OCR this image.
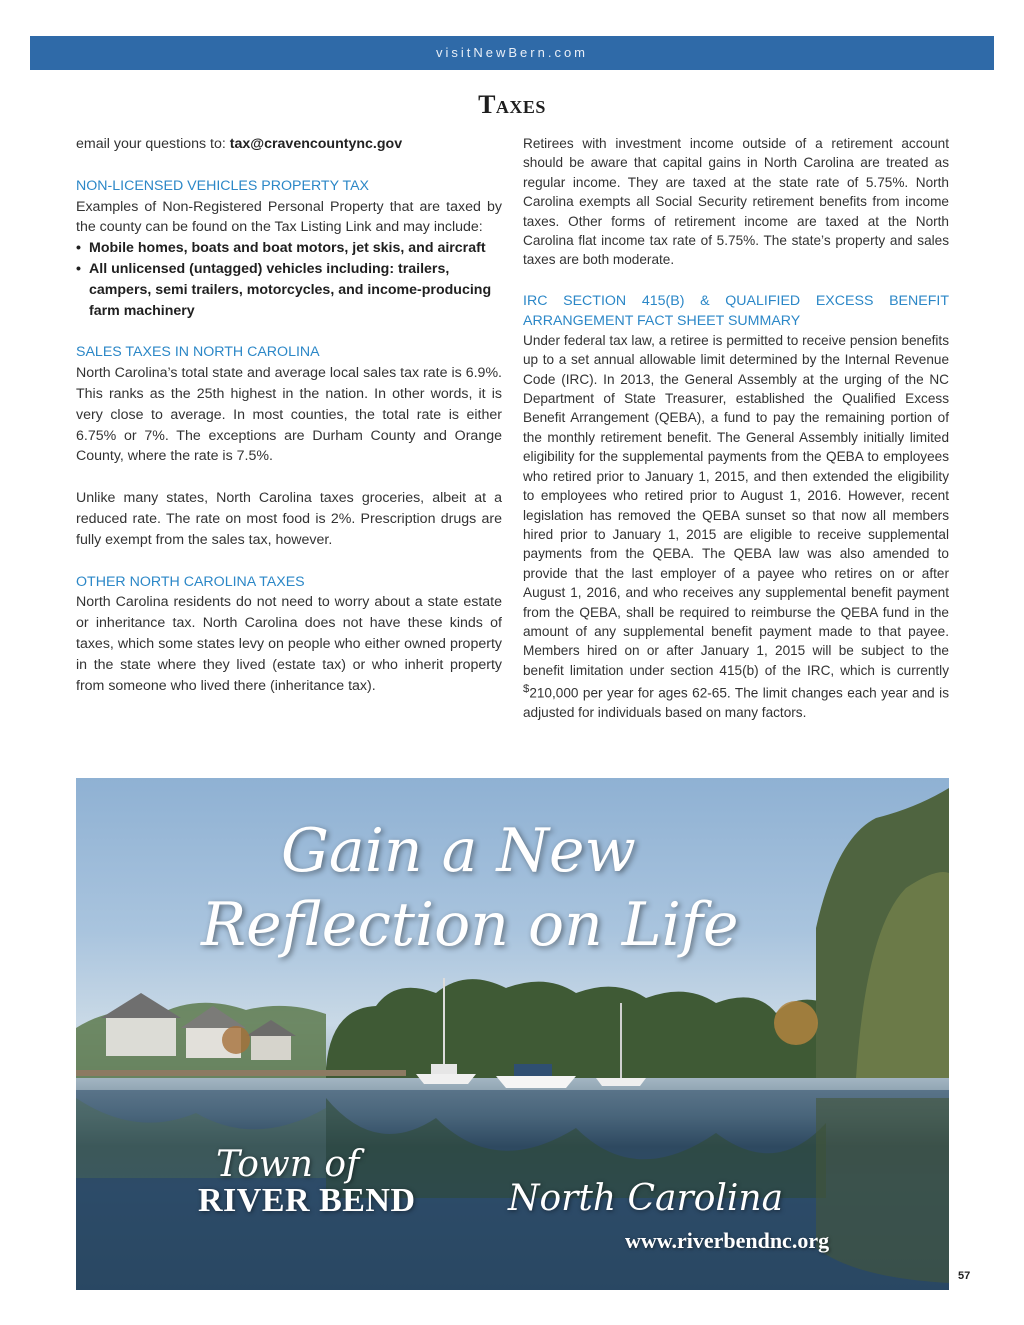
visitNewBern.com
Taxes

email your questions to: tax@cravencountync.gov

NON-LICENSED VEHICLES PROPERTY TAX

Examples of Non-Registered Personal Property that are taxed by the county can be found on the Tax Listing Link and may include:

• Mobile homes, boats and boat motors, jet skis, and aircraft
• All unlicensed (untagged) vehicles including: trailers, campers, semi trailers, motorcycles, and income-producing farm machinery
SALES TAXES IN NORTH CAROLINA

North Carolina’s total state and average local sales tax rate is 6.9%. This ranks as the 25th highest in the nation. In other words, it is very close to average. In most counties, the total rate is either 6.75% or 7%. The exceptions are Durham County and Orange County, where the rate is 7.5%.

Unlike many states, North Carolina taxes groceries, albeit at a reduced rate. The rate on most food is 2%. Prescription drugs are fully exempt from the sales tax, however.

OTHER NORTH CAROLINA TAXES

North Carolina residents do not need to worry about a state estate or inheritance tax. North Carolina does not have these kinds of taxes, which some states levy on people who either owned property in the state where they lived (estate tax) or who inherit property from someone who lived there (inheritance tax).

Retirees with investment income outside of a retirement account should be aware that capital gains in North Carolina are treated as regular income. They are taxed at the state rate of 5.75%. North Carolina exempts all Social Security retirement benefits from income taxes. Other forms of retirement income are taxed at the North Carolina flat income tax rate of 5.75%. The state’s property and sales taxes are both moderate.

IRC SECTION 415(B) & QUALIFIED EXCESS BENEFIT ARRANGEMENT FACT SHEET SUMMARY

Under federal tax law, a retiree is permitted to receive pension benefits up to a set annual allowable limit determined by the Internal Revenue Code (IRC). In 2013, the General Assembly at the urging of the NC Department of State Treasurer, established the Qualified Excess Benefit Arrangement (QEBA), a fund to pay the remaining portion of the monthly retirement benefit. The General Assembly initially limited eligibility for the supplemental payments from the QEBA to employees who retired prior to January 1, 2015, and then extended the eligibility to employees who retired prior to August 1, 2016. However, recent legislation has removed the QEBA sunset so that now all members hired prior to January 1, 2015 are eligible to receive supplemental payments from the QEBA. The QEBA law was also amended to provide that the last employer of a payee who retires on or after August 1, 2016, and who receives any supplemental benefit payment from the QEBA, shall be required to reimburse the QEBA fund in the amount of any supplemental benefit payment made to that payee. Members hired on or after January 1, 2015 will be subject to the benefit limitation under section 415(b) of the IRC, which is currently $210,000 per year for ages 62-65. The limit changes each year and is adjusted for individuals based on many factors.

Gain a New
Reflection on Life
Town of
RIVER BEND	North Carolina
www.riverbendnc.org
57
